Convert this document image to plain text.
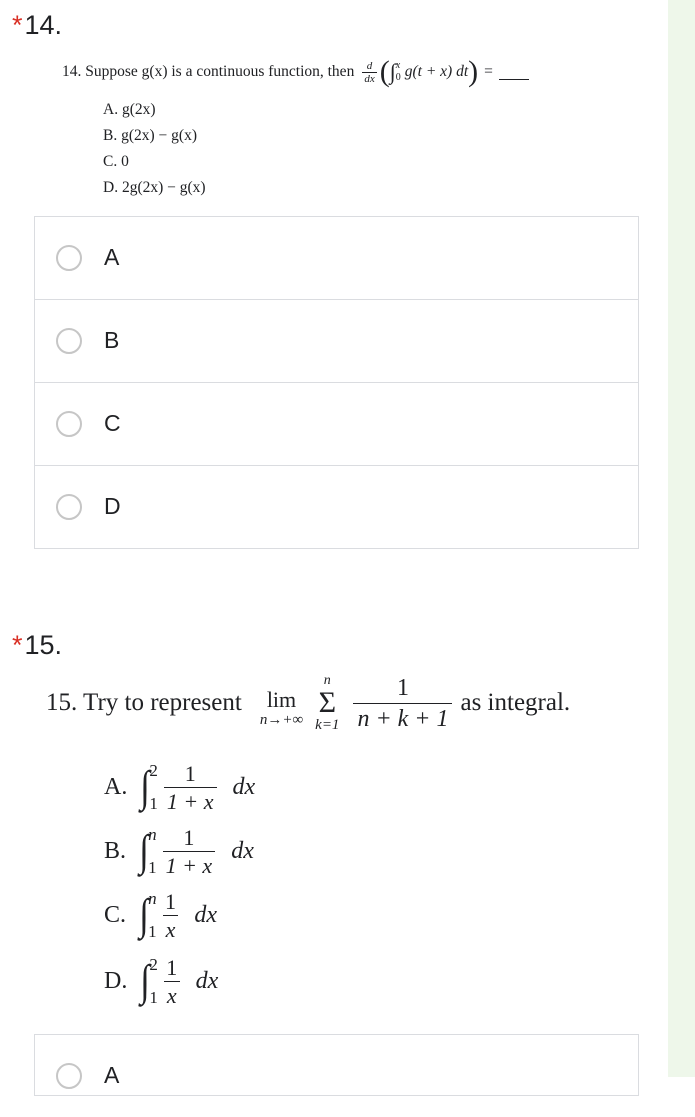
*14.
14. Suppose g(x) is a continuous function, then $\frac{d}{dx}$ ( ∫ x
0 g(t + x) dt ) =
A. g(2x)
B. g(2x) − g(x)
C. 0
D. 2g(2x) − g(x)
A
B
C
D
*15.
15. Try to represent lim
n→+∞
n
Σ
$k=1 \frac{1}{n + k + 1}$ as integral.
A. ∫ 2
$1 \frac{1}{1 + x}$ dx
B. ∫ n
$1 \frac{1}{1 + x}$ dx
C. ∫ n
$1 \frac{1}{x}$ dx
D. ∫ 2
$1 \frac{1}{x}$ dx
A
